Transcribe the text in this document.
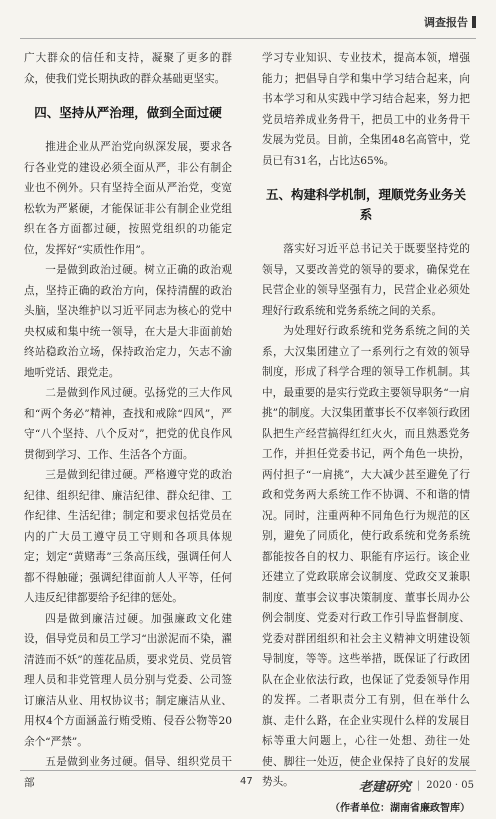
调查报告

广大群众的信任和支持，凝聚了更多的群众，使我们党长期执政的群众基础更坚实。

四、坚持从严治理，做到全面过硬

推进企业从严治党向纵深发展，要求各行各业党的建设必须全面从严，非公有制企业也不例外。只有坚持全面从严治党，变宽松软为严紧硬，才能保证非公有制企业党组织在各方面都过硬，按照党组织的功能定位，发挥好“实质性作用”。

一是做到政治过硬。树立正确的政治观点，坚持正确的政治方向，保持清醒的政治头脑，坚决维护以习近平同志为核心的党中央权威和集中统一领导，在大是大非面前始终站稳政治立场，保持政治定力，矢志不渝地听党话、跟党走。

二是做到作风过硬。弘扬党的三大作风和“两个务必”精神，查找和戒除“四风”，严守“八个坚持、八个反对”，把党的优良作风贯彻到学习、工作、生活各个方面。

三是做到纪律过硬。严格遵守党的政治纪律、组织纪律、廉洁纪律、群众纪律、工作纪律、生活纪律；制定和要求包括党员在内的广大员工遵守员工守则和各项具体规定；划定“黄赌毒”三条高压线，强调任何人都不得触碰；强调纪律面前人人平等，任何人违反纪律都要给予纪律的惩处。

四是做到廉洁过硬。加强廉政文化建设，倡导党员和员工学习“出淤泥而不染，濯清涟而不妖”的莲花品质，要求党员、党员管理人员和非党管理人员分别与党委、公司签订廉洁从业、用权协议书；制定廉洁从业、用权4个方面涵盖行贿受贿、侵吞公物等20余个“严禁”。

五是做到业务过硬。倡导、组织党员干部

学习专业知识、专业技术，提高本领，增强能力；把倡导自学和集中学习结合起来，向书本学习和从实践中学习结合起来，努力把党员培养成业务骨干，把员工中的业务骨干发展为党员。目前，全集团48名高管中，党员已有31名，占比达65%。

五、构建科学机制，理顺党务业务关系

落实好习近平总书记关于既要坚持党的领导，又要改善党的领导的要求，确保党在民营企业的领导坚强有力，民营企业必须处理好行政系统和党务系统之间的关系。

为处理好行政系统和党务系统之间的关系，大汉集团建立了一系列行之有效的领导制度，形成了科学合理的领导工作机制。其中，最重要的是实行党政主要领导职务“一肩挑”的制度。大汉集团董事长不仅率领行政团队把生产经营搞得红红火火，而且熟悉党务工作，并担任党委书记，两个角色一块扮，两付担子“一肩挑”，大大减少甚至避免了行政和党务两大系统工作不协调、不和谐的情况。同时，注重两种不同角色行为规范的区别，避免了同质化，使行政系统和党务系统都能按各自的权力、职能有序运行。该企业还建立了党政联席会议制度、党政交叉兼职制度、董事会议事决策制度、董事长周办公例会制度、党委对行政工作引导监督制度、党委对群团组织和社会主义精神文明建设领导制度，等等。这些举措，既保证了行政团队在企业依法行政，也保证了党委领导作用的发挥。二者职责分工有别，但在举什么旗、走什么路，在企业实现什么样的发展目标等重大问题上，心往一处想、劲往一处使、脚往一处迈，使企业保持了良好的发展势头。

（作者单位：湖南省廉政智库）
47	老建研究 | 2020 · 05
